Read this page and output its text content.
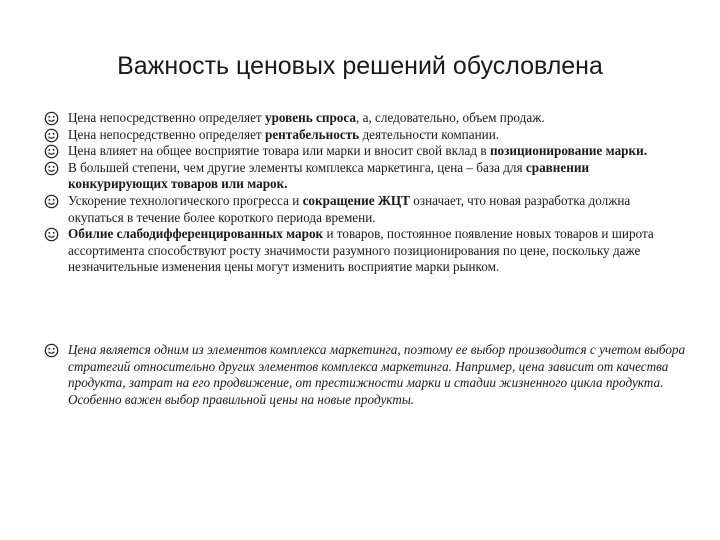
Важность ценовых решений обусловлена
Цена непосредственно определяет уровень спроса, а, следовательно, объем продаж.
Цена непосредственно определяет рентабельность деятельности компании.
Цена влияет на общее восприятие товара или марки и вносит свой вклад в позиционирование марки.
В большей степени, чем другие элементы комплекса маркетинга, цена – база для сравнении конкурирующих товаров или марок.
Ускорение технологического прогресса и сокращение ЖЦТ означает, что новая разработка должна окупаться в течение более короткого периода времени.
Обилие слабодифференцированных марок и товаров, постоянное появление новых товаров и широта ассортимента способствуют росту значимости разумного позиционирования по цене, поскольку даже незначительные изменения цены могут изменить восприятие марки рынком.
Цена является одним из элементов комплекса маркетинга, поэтому ее выбор производится с учетом выбора стратегий относительно других элементов комплекса маркетинга. Например, цена зависит от качества продукта, затрат на его продвижение, от престижности марки и стадии жизненного цикла продукта. Особенно важен выбор правильной цены на новые продукты.
